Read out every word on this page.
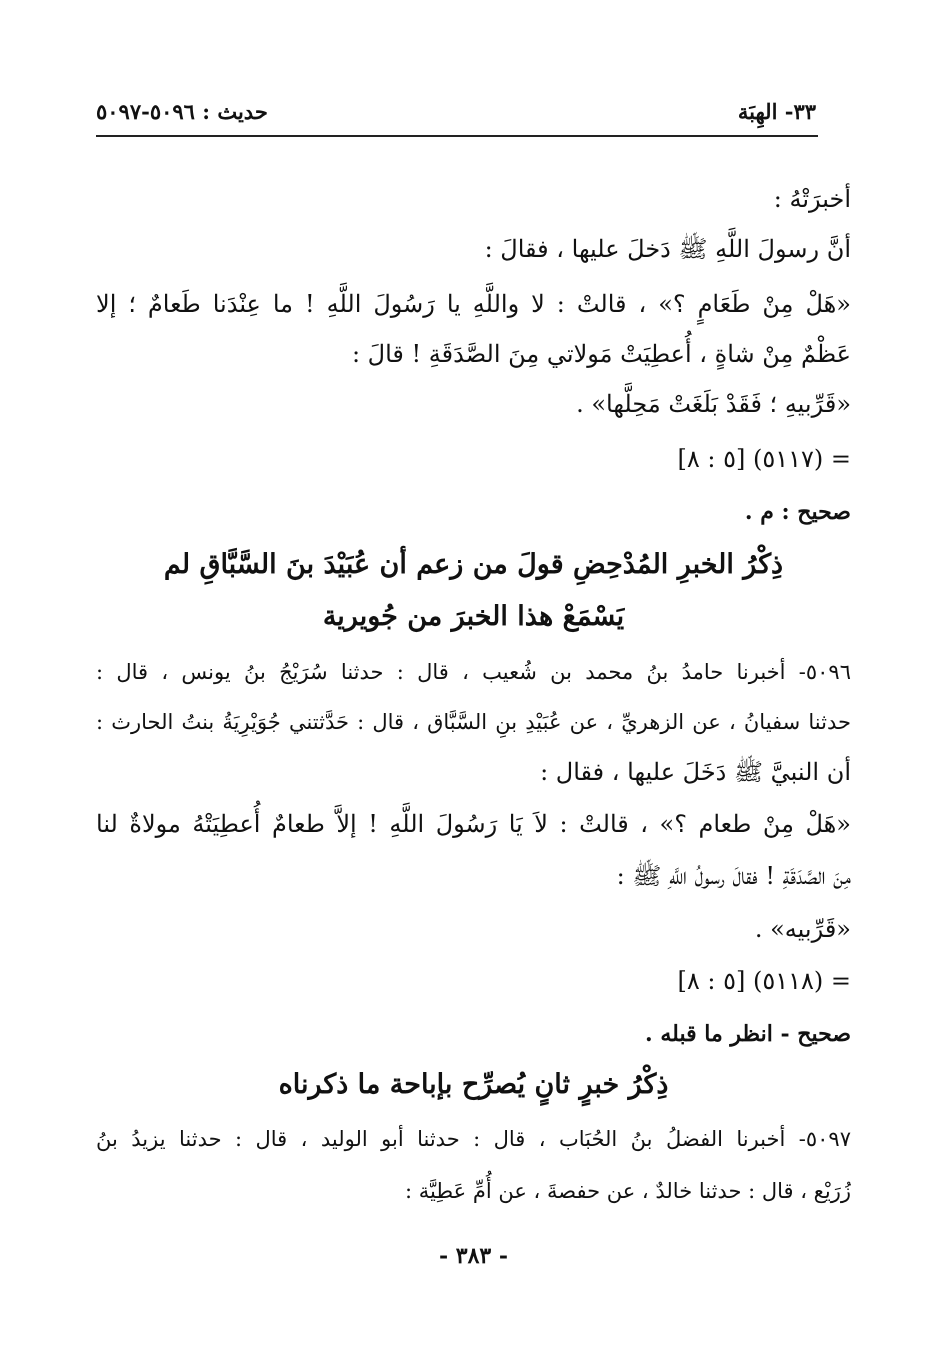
٣٣- الهِبَة
حديث : ٥٠٩٦-٥٠٩٧
أخبرَتْهُ :
أنَّ رسولَ اللَّهِ ﷺ دَخلَ عليها ، فقالَ :
«هَلْ مِنْ طَعَامٍ ؟» ، قالتْ : لا واللَّهِ يا رَسُولَ اللَّهِ ! ما عِنْدَنا طَعامٌ ؛ إلا
عَظْمٌ مِنْ شاةٍ ، أُعطِيَتْ مَولاتي مِنَ الصَّدَقَةِ ! قالَ :
«قَرِّبيهِ ؛ فَقَدْ بَلَغَتْ مَحِلَّها» .
= (٥١١٧) [٥ : ٨]
صحيح : م .
ذِكْرُ الخبرِ المُدْحِضِ قولَ من زعم أن عُبَيْدَ بنَ السَّبَّاقِ لم
يَسْمَعْ هذا الخبرَ من جُويرية
٥٠٩٦- أخبرنا حامدُ بنُ محمد بن شُعيب ، قال : حدثنا سُرَيْجُ بنُ يونس ، قال :
حدثنا سفيانُ ، عن الزهريِّ ، عن عُبَيْدِ بنِ السَّبَّاق ، قال : حَدَّثتني جُوَيْرِيَةُ بنتُ الحارث :
أن النبيَّ ﷺ دَخَلَ عليها ، فقال :
«هَلْ مِنْ طعام ؟» ، قالتْ : لاَ يَا رَسُولَ اللَّهِ ! إلاَّ طعامٌ أُعطِيَتْهُ مولاةٌ لنا
مِنَ الصَّدَقَةِ ! فقالَ رسولُ اللَّهِ ﷺ :
«قَرِّبيه» .
= (٥١١٨) [٥ : ٨]
صحيح - انظر ما قبله .
ذِكْرُ خبرٍ ثانٍ يُصرِّح بإباحة ما ذكرناه
٥٠٩٧- أخبرنا الفضلُ بنُ الحُبَاب ، قال : حدثنا أبو الوليد ، قال : حدثنا يزيدُ بنُ
زُرَيْع ، قال : حدثنا خالدٌ ، عن حفصةَ ، عن أُمِّ عَطِيَّة :
- ٣٨٣ -
